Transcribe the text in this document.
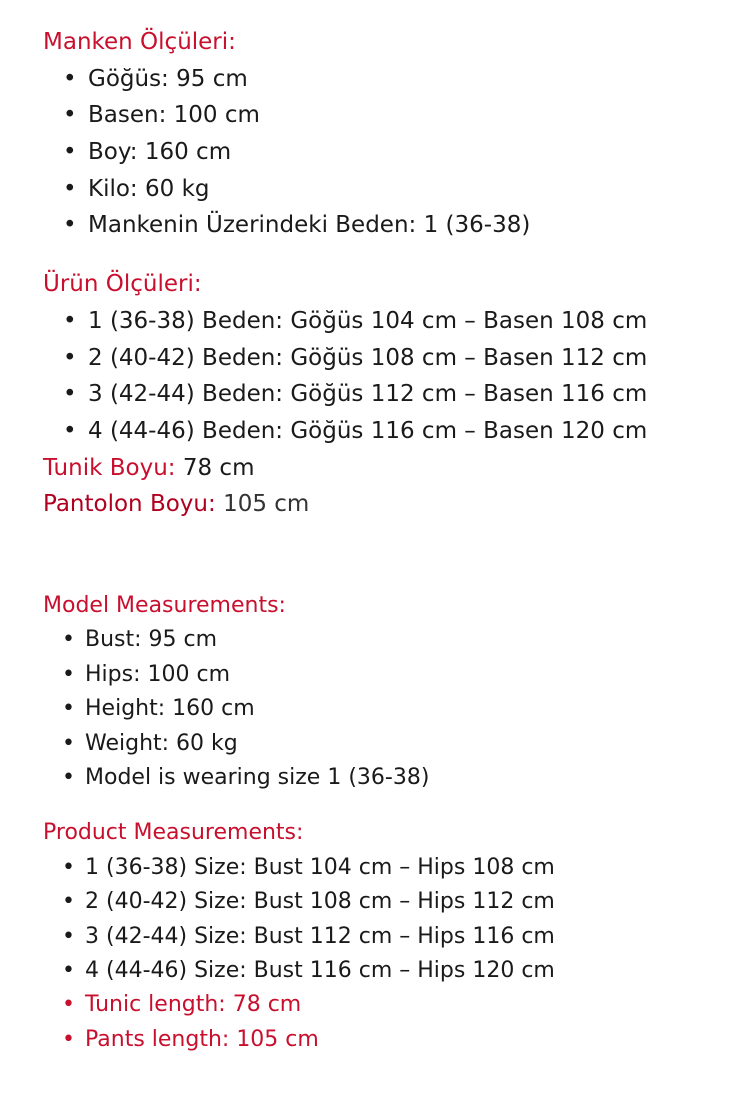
Manken Ölçüleri:
• Göğüs: 95 cm
• Basen: 100 cm
• Boy: 160 cm
• Kilo: 60 kg
• Mankenin Üzerindeki Beden: 1 (36-38)
Ürün Ölçüleri:
• 1 (36-38) Beden: Göğüs 104 cm – Basen 108 cm
• 2 (40-42) Beden: Göğüs 108 cm – Basen 112 cm
• 3 (42-44) Beden: Göğüs 112 cm – Basen 116 cm
• 4 (44-46) Beden: Göğüs 116 cm – Basen 120 cm
Tunik Boyu: 78 cm
Pantolon Boyu: 105 cm
Model Measurements:
• Bust: 95 cm
• Hips: 100 cm
• Height: 160 cm
• Weight: 60 kg
• Model is wearing size 1 (36-38)
Product Measurements:
• 1 (36-38) Size: Bust 104 cm – Hips 108 cm
• 2 (40-42) Size: Bust 108 cm – Hips 112 cm
• 3 (42-44) Size: Bust 112 cm – Hips 116 cm
• 4 (44-46) Size: Bust 116 cm – Hips 120 cm
• Tunic length: 78 cm
• Pants length: 105 cm
